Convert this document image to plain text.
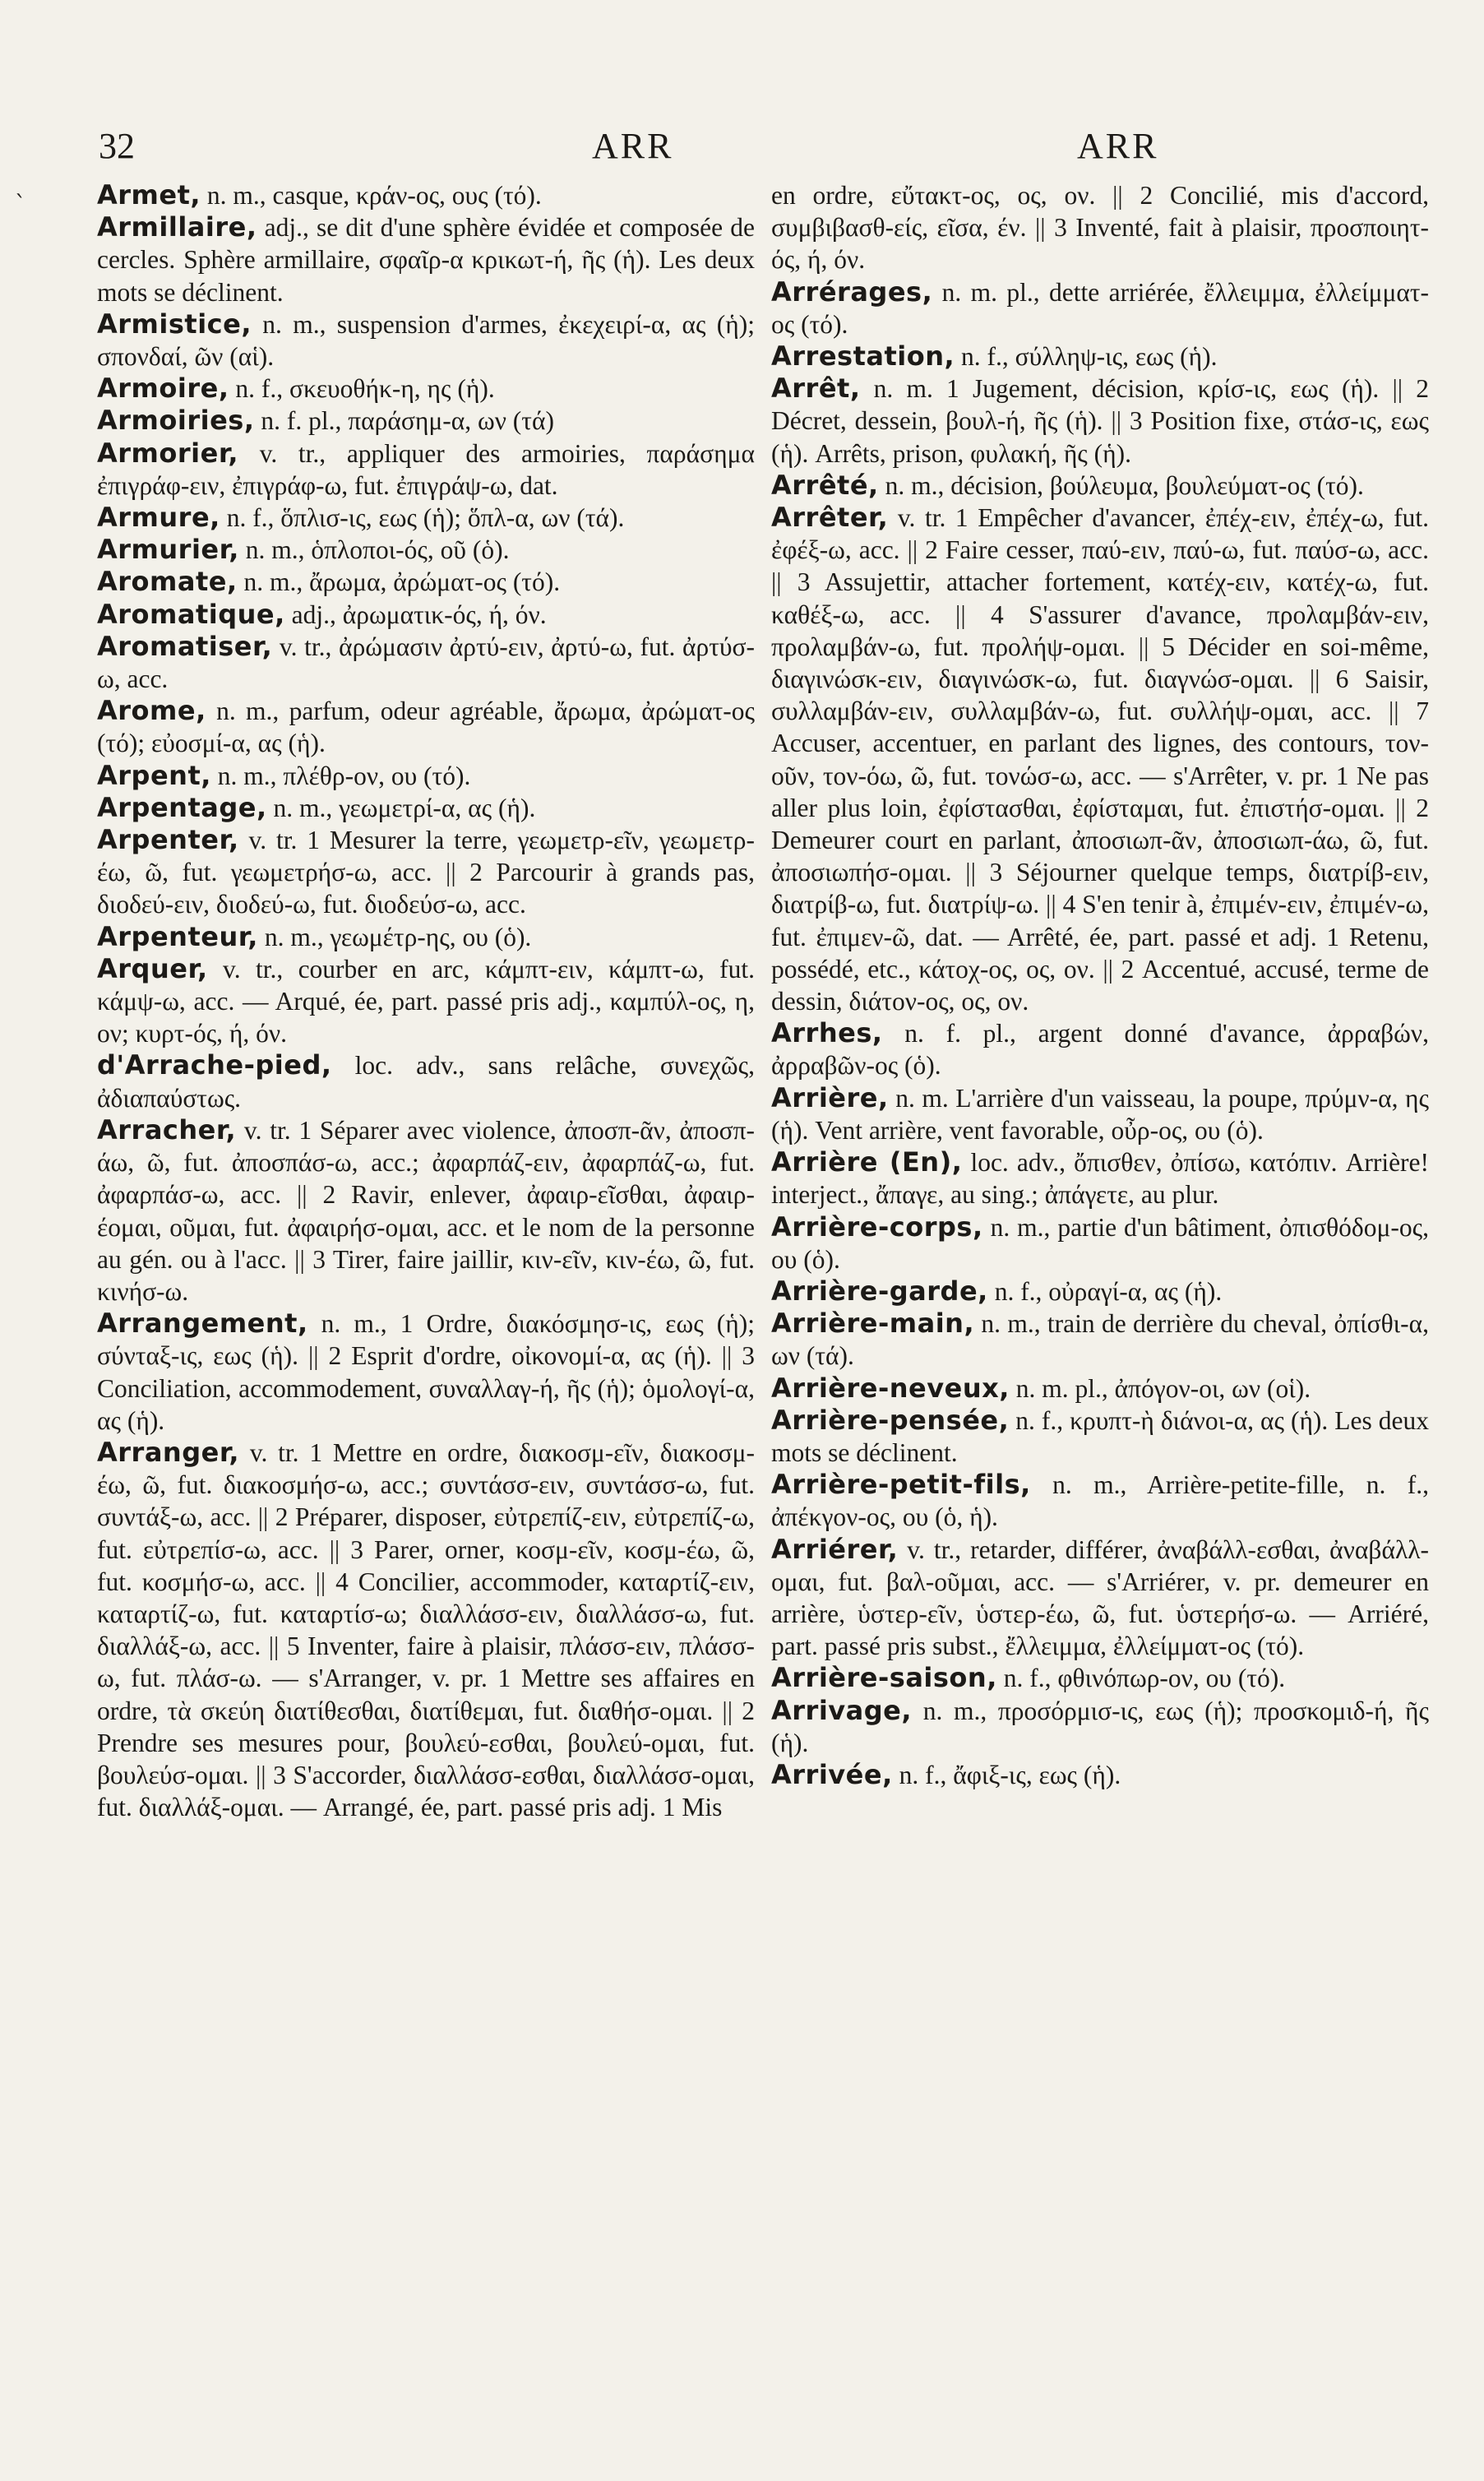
`
32	ARR	ARR

Armet, n. m., casque, κράν-ος, ους (τό).

Armillaire, adj., se dit d'une sphère évidée et composée de cercles. Sphère armillaire, σφαῖρ-α κρικωτ-ή, ῆς (ἡ). Les deux mots se déclinent.

Armistice, n. m., suspension d'armes, ἐκεχειρί-α, ας (ἡ); σπονδαί, ῶν (αἱ).

Armoire, n. f., σκευοθήκ-η, ης (ἡ).

Armoiries, n. f. pl., παράσημ-α, ων (τά)

Armorier, v. tr., appliquer des armoiries, παράσημα ἐπιγράφ-ειν, ἐπιγράφ-ω, fut. ἐπιγράψ-ω, dat.

Armure, n. f., ὅπλισ-ις, εως (ἡ); ὅπλ-α, ων (τά).

Armurier, n. m., ὁπλοποι-ός, οῦ (ὁ).

Aromate, n. m., ἄρωμα, ἀρώματ-ος (τό).

Aromatique, adj., ἀρωματικ-ός, ή, όν.

Aromatiser, v. tr., ἀρώμασιν ἀρτύ-ειν, ἀρτύ-ω, fut. ἀρτύσ-ω, acc.

Arome, n. m., parfum, odeur agréable, ἄρωμα, ἀρώματ-ος (τό); εὐοσμί-α, ας (ἡ).

Arpent, n. m., πλέθρ-ον, ου (τό).

Arpentage, n. m., γεωμετρί-α, ας (ἡ).

Arpenter, v. tr. 1 Mesurer la terre, γεωμετρ-εῖν, γεωμετρ-έω, ῶ, fut. γεωμετρήσ-ω, acc. || 2 Parcourir à grands pas, διοδεύ-ειν, διοδεύ-ω, fut. διοδεύσ-ω, acc.

Arpenteur, n. m., γεωμέτρ-ης, ου (ὁ).

Arquer, v. tr., courber en arc, κάμπτ-ειν, κάμπτ-ω, fut. κάμψ-ω, acc. — Arqué, ée, part. passé pris adj., καμπύλ-ος, η, ον; κυρτ-ός, ή, όν.

d'Arrache-pied, loc. adv., sans relâche, συνεχῶς, ἀδιαπαύστως.

Arracher, v. tr. 1 Séparer avec violence, ἀποσπ-ᾶν, ἀποσπ-άω, ῶ, fut. ἀποσπάσ-ω, acc.; ἀφαρπάζ-ειν, ἀφαρπάζ-ω, fut. ἀφαρπάσ-ω, acc. || 2 Ravir, enlever, ἀφαιρ-εῖσθαι, ἀφαιρ-έομαι, οῦμαι, fut. ἀφαιρήσ-ομαι, acc. et le nom de la personne au gén. ou à l'acc. || 3 Tirer, faire jaillir, κιν-εῖν, κιν-έω, ῶ, fut. κινήσ-ω.

Arrangement, n. m., 1 Ordre, διακόσμησ-ις, εως (ἡ); σύνταξ-ις, εως (ἡ). || 2 Esprit d'ordre, οἰκονομί-α, ας (ἡ). || 3 Conciliation, accommodement, συναλλαγ-ή, ῆς (ἡ); ὁμολογί-α, ας (ἡ).

Arranger, v. tr. 1 Mettre en ordre, διακοσμ-εῖν, διακοσμ-έω, ῶ, fut. διακοσμήσ-ω, acc.; συντάσσ-ειν, συντάσσ-ω, fut. συντάξ-ω, acc. || 2 Préparer, disposer, εὐτρεπίζ-ειν, εὐτρεπίζ-ω, fut. εὐτρεπίσ-ω, acc. || 3 Parer, orner, κοσμ-εῖν, κοσμ-έω, ῶ, fut. κοσμήσ-ω, acc. || 4 Concilier, accommoder, καταρτίζ-ειν, καταρτίζ-ω, fut. καταρτίσ-ω; διαλλάσσ-ειν, διαλλάσσ-ω, fut. διαλλάξ-ω, acc. || 5 Inventer, faire à plaisir, πλάσσ-ειν, πλάσσ-ω, fut. πλάσ-ω. — s'Arranger, v. pr. 1 Mettre ses affaires en ordre, τὰ σκεύη διατίθεσθαι, διατίθεμαι, fut. διαθήσ-ομαι. || 2 Prendre ses mesures pour, βουλεύ-εσθαι, βουλεύ-ομαι, fut. βουλεύσ-ομαι. || 3 S'accorder, διαλλάσσ-εσθαι, διαλλάσσ-ομαι, fut. διαλλάξ-ομαι. — Arrangé, ée, part. passé pris adj. 1 Mis

en ordre, εὔτακτ-ος, ος, ον. || 2 Concilié, mis d'accord, συμβιβασθ-είς, εῖσα, έν. || 3 Inventé, fait à plaisir, προσποιητ-ός, ή, όν.

Arrérages, n. m. pl., dette arriérée, ἔλλειμμα, ἐλλείμματ-ος (τό).

Arrestation, n. f., σύλληψ-ις, εως (ἡ).

Arrêt, n. m. 1 Jugement, décision, κρίσ-ις, εως (ἡ). || 2 Décret, dessein, βουλ-ή, ῆς (ἡ). || 3 Position fixe, στάσ-ις, εως (ἡ). Arrêts, prison, φυλακή, ῆς (ἡ).

Arrêté, n. m., décision, βούλευμα, βουλεύματ-ος (τό).

Arrêter, v. tr. 1 Empêcher d'avancer, ἐπέχ-ειν, ἐπέχ-ω, fut. ἐφέξ-ω, acc. || 2 Faire cesser, παύ-ειν, παύ-ω, fut. παύσ-ω, acc. || 3 Assujettir, attacher fortement, κατέχ-ειν, κατέχ-ω, fut. καθέξ-ω, acc. || 4 S'assurer d'avance, προλαμβάν-ειν, προλαμβάν-ω, fut. προλήψ-ομαι. || 5 Décider en soi-même, διαγινώσκ-ειν, διαγινώσκ-ω, fut. διαγνώσ-ομαι. || 6 Saisir, συλλαμβάν-ειν, συλλαμβάν-ω, fut. συλλήψ-ομαι, acc. || 7 Accuser, accentuer, en parlant des lignes, des contours, τον-οῦν, τον-όω, ῶ, fut. τονώσ-ω, acc. — s'Arrêter, v. pr. 1 Ne pas aller plus loin, ἐφίστασθαι, ἐφίσταμαι, fut. ἐπιστήσ-ομαι. || 2 Demeurer court en parlant, ἀποσιωπ-ᾶν, ἀποσιωπ-άω, ῶ, fut. ἀποσιωπήσ-ομαι. || 3 Séjourner quelque temps, διατρίβ-ειν, διατρίβ-ω, fut. διατρίψ-ω. || 4 S'en tenir à, ἐπιμέν-ειν, ἐπιμέν-ω, fut. ἐπιμεν-ῶ, dat. — Arrêté, ée, part. passé et adj. 1 Retenu, possédé, etc., κάτοχ-ος, ος, ον. || 2 Accentué, accusé, terme de dessin, διάτον-ος, ος, ον.

Arrhes, n. f. pl., argent donné d'avance, ἀρραβών, ἀρραβῶν-ος (ὁ).

Arrière, n. m. L'arrière d'un vaisseau, la poupe, πρύμν-α, ης (ἡ). Vent arrière, vent favorable, οὖρ-ος, ου (ὁ).

Arrière (En), loc. adv., ὄπισθεν, ὀπίσω, κατόπιν. Arrière! interject., ἄπαγε, au sing.; ἀπάγετε, au plur.

Arrière-corps, n. m., partie d'un bâtiment, ὀπισθόδομ-ος, ου (ὁ).

Arrière-garde, n. f., οὐραγί-α, ας (ἡ).

Arrière-main, n. m., train de derrière du cheval, ὀπίσθι-α, ων (τά).

Arrière-neveux, n. m. pl., ἀπόγον-οι, ων (οἱ).

Arrière-pensée, n. f., κρυπτ-ὴ διάνοι-α, ας (ἡ). Les deux mots se déclinent.

Arrière-petit-fils, n. m., Arrière-petite-fille, n. f., ἀπέκγον-ος, ου (ὁ, ἡ).

Arriérer, v. tr., retarder, différer, ἀναβάλλ-εσθαι, ἀναβάλλ-ομαι, fut. βαλ-οῦμαι, acc. — s'Arriérer, v. pr. demeurer en arrière, ὑστερ-εῖν, ὑστερ-έω, ῶ, fut. ὑστερήσ-ω. — Arriéré, part. passé pris subst., ἔλλειμμα, ἐλλείμματ-ος (τό).

Arrière-saison, n. f., φθινόπωρ-ον, ου (τό).

Arrivage, n. m., προσόρμισ-ις, εως (ἡ); προσκομιδ-ή, ῆς (ἡ).

Arrivée, n. f., ἄφιξ-ις, εως (ἡ).
